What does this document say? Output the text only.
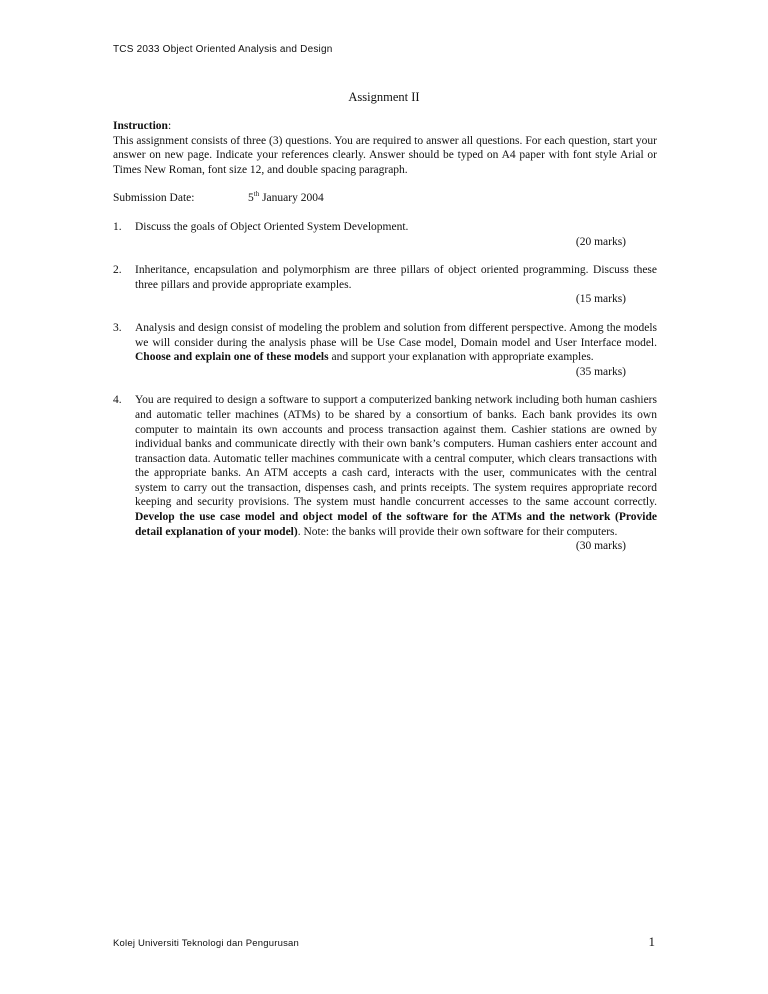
TCS 2033 Object Oriented Analysis and Design
Assignment II
Instruction:

This assignment consists of three (3) questions. You are required to answer all questions. For each question, start your answer on new page. Indicate your references clearly. Answer should be typed on A4 paper with font style Arial or Times New Roman, font size 12, and double spacing paragraph.

Submission Date:	5th January 2004
1.	Discuss the goals of Object Oriented System Development.
(20 marks)
2.	Inheritance, encapsulation and polymorphism are three pillars of object oriented programming. Discuss these three pillars and provide appropriate examples.
(15 marks)
3.	Analysis and design consist of modeling the problem and solution from different perspective. Among the models we will consider during the analysis phase will be Use Case model, Domain model and User Interface model. Choose and explain one of these models and support your explanation with appropriate examples.
(35 marks)
4.	You are required to design a software to support a computerized banking network including both human cashiers and automatic teller machines (ATMs) to be shared by a consortium of banks. Each bank provides its own computer to maintain its own accounts and process transaction against them. Cashier stations are owned by individual banks and communicate directly with their own bank’s computers. Human cashiers enter account and transaction data. Automatic teller machines communicate with a central computer, which clears transactions with the appropriate banks. An ATM accepts a cash card, interacts with the user, communicates with the central system to carry out the transaction, dispenses cash, and prints receipts. The system requires appropriate record keeping and security provisions. The system must handle concurrent accesses to the same account correctly. Develop the use case model and object model of the software for the ATMs and the network (Provide detail explanation of your model). Note: the banks will provide their own software for their computers.
(30 marks)
Kolej Universiti Teknologi dan Pengurusan	1
